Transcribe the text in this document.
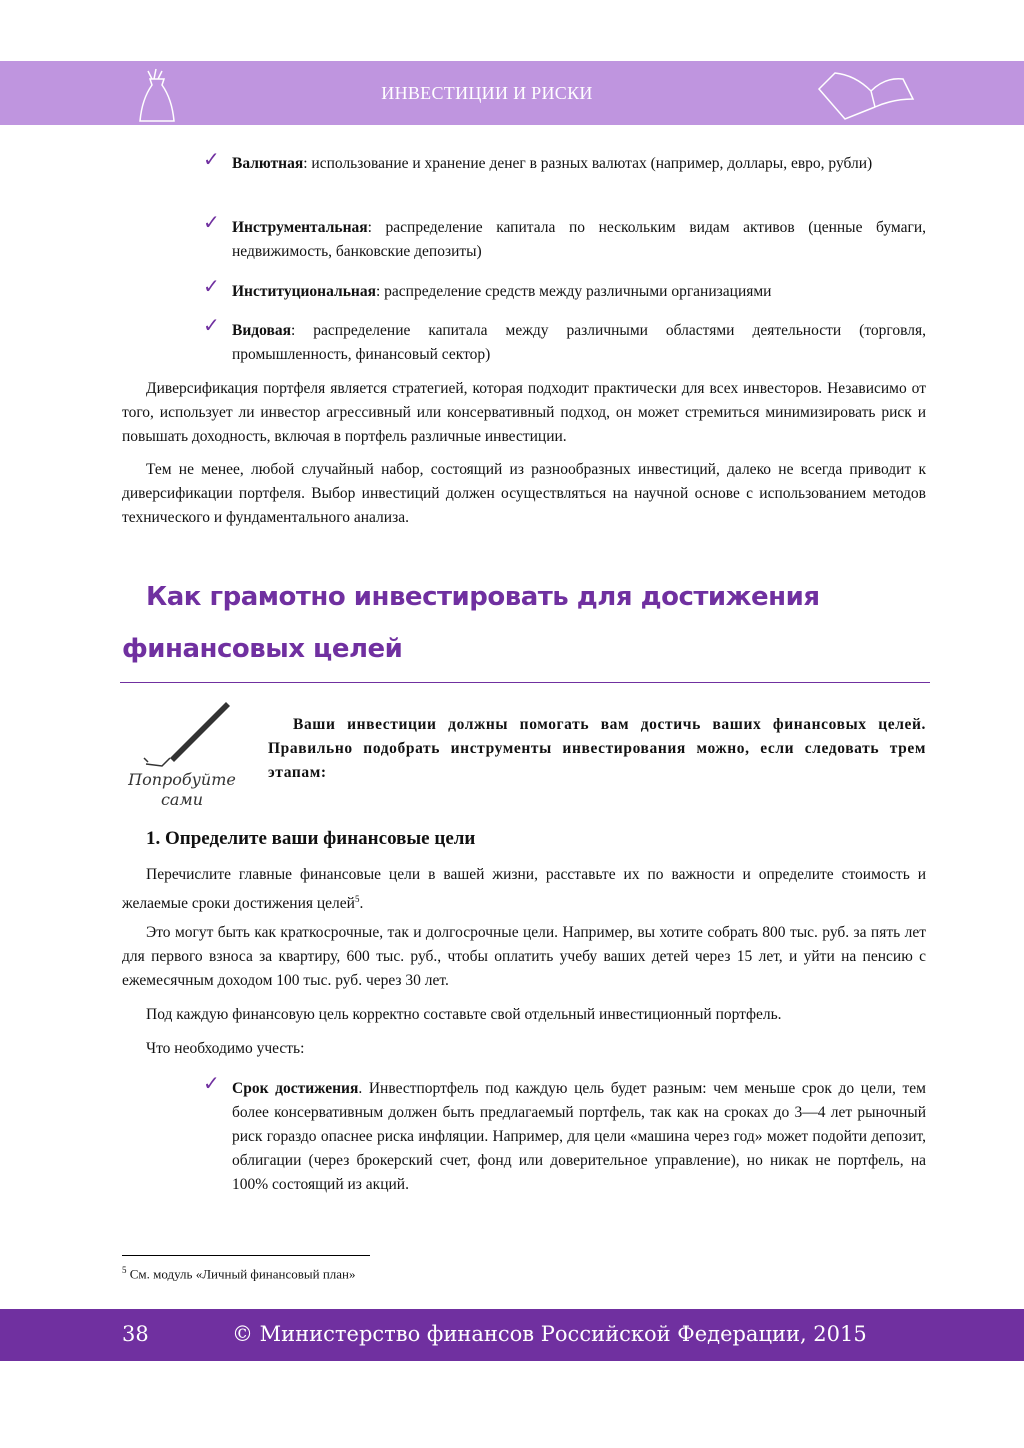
ИНВЕСТИЦИИ И РИСКИ
✓ Валютная: использование и хранение денег в разных валютах (например, доллары, евро, рубли)
✓ Инструментальная: распределение капитала по нескольким видам активов (ценные бумаги, недвижимость, банковские депозиты)
✓ Институциональная: распределение средств между различными организациями
✓ Видовая: распределение капитала между различными областями деятельности (торговля, промышленность, финансовый сектор)
Диверсификация портфеля является стратегией, которая подходит практически для всех инвесторов. Независимо от того, использует ли инвестор агрессивный или консервативный подход, он может стремиться минимизировать риск и повышать доходность, включая в портфель различные инвестиции.
Тем не менее, любой случайный набор, состоящий из разнообразных инвестиций, далеко не всегда приводит к диверсификации портфеля. Выбор инвестиций должен осуществляться на научной основе с использованием методов технического и фундаментального анализа.
Как грамотно инвестировать для достижения
финансовых целей
Попробуйте
сами
Ваши инвестиции должны помогать вам достичь ваших финансовых целей. Правильно подобрать инструменты инвестирования можно, если следовать трем этапам:
1. Определите ваши финансовые цели
Перечислите главные финансовые цели в вашей жизни, расставьте их по важности и определите стоимость и желаемые сроки достижения целей$^5$.
Это могут быть как краткосрочные, так и долгосрочные цели. Например, вы хотите собрать 800 тыс. руб. за пять лет для первого взноса за квартиру, 600 тыс. руб., чтобы оплатить учебу ваших детей через 15 лет, и уйти на пенсию с ежемесячным доходом 100 тыс. руб. через 30 лет.
Под каждую финансовую цель корректно составьте свой отдельный инвестиционный портфель.
Что необходимо учесть:
✓ Срок достижения. Инвестпортфель под каждую цель будет разным: чем меньше срок до цели, тем более консервативным должен быть предлагаемый портфель, так как на сроках до 3—4 лет рыночный риск гораздо опаснее риска инфляции. Например, для цели «машина через год» может подойти депозит, облигации (через брокерский счет, фонд или доверительное управление), но никак не портфель, на 100% состоящий из акций.
$^5$ См. модуль «Личный финансовый план»
38	© Министерство финансов Российской Федерации, 2015
